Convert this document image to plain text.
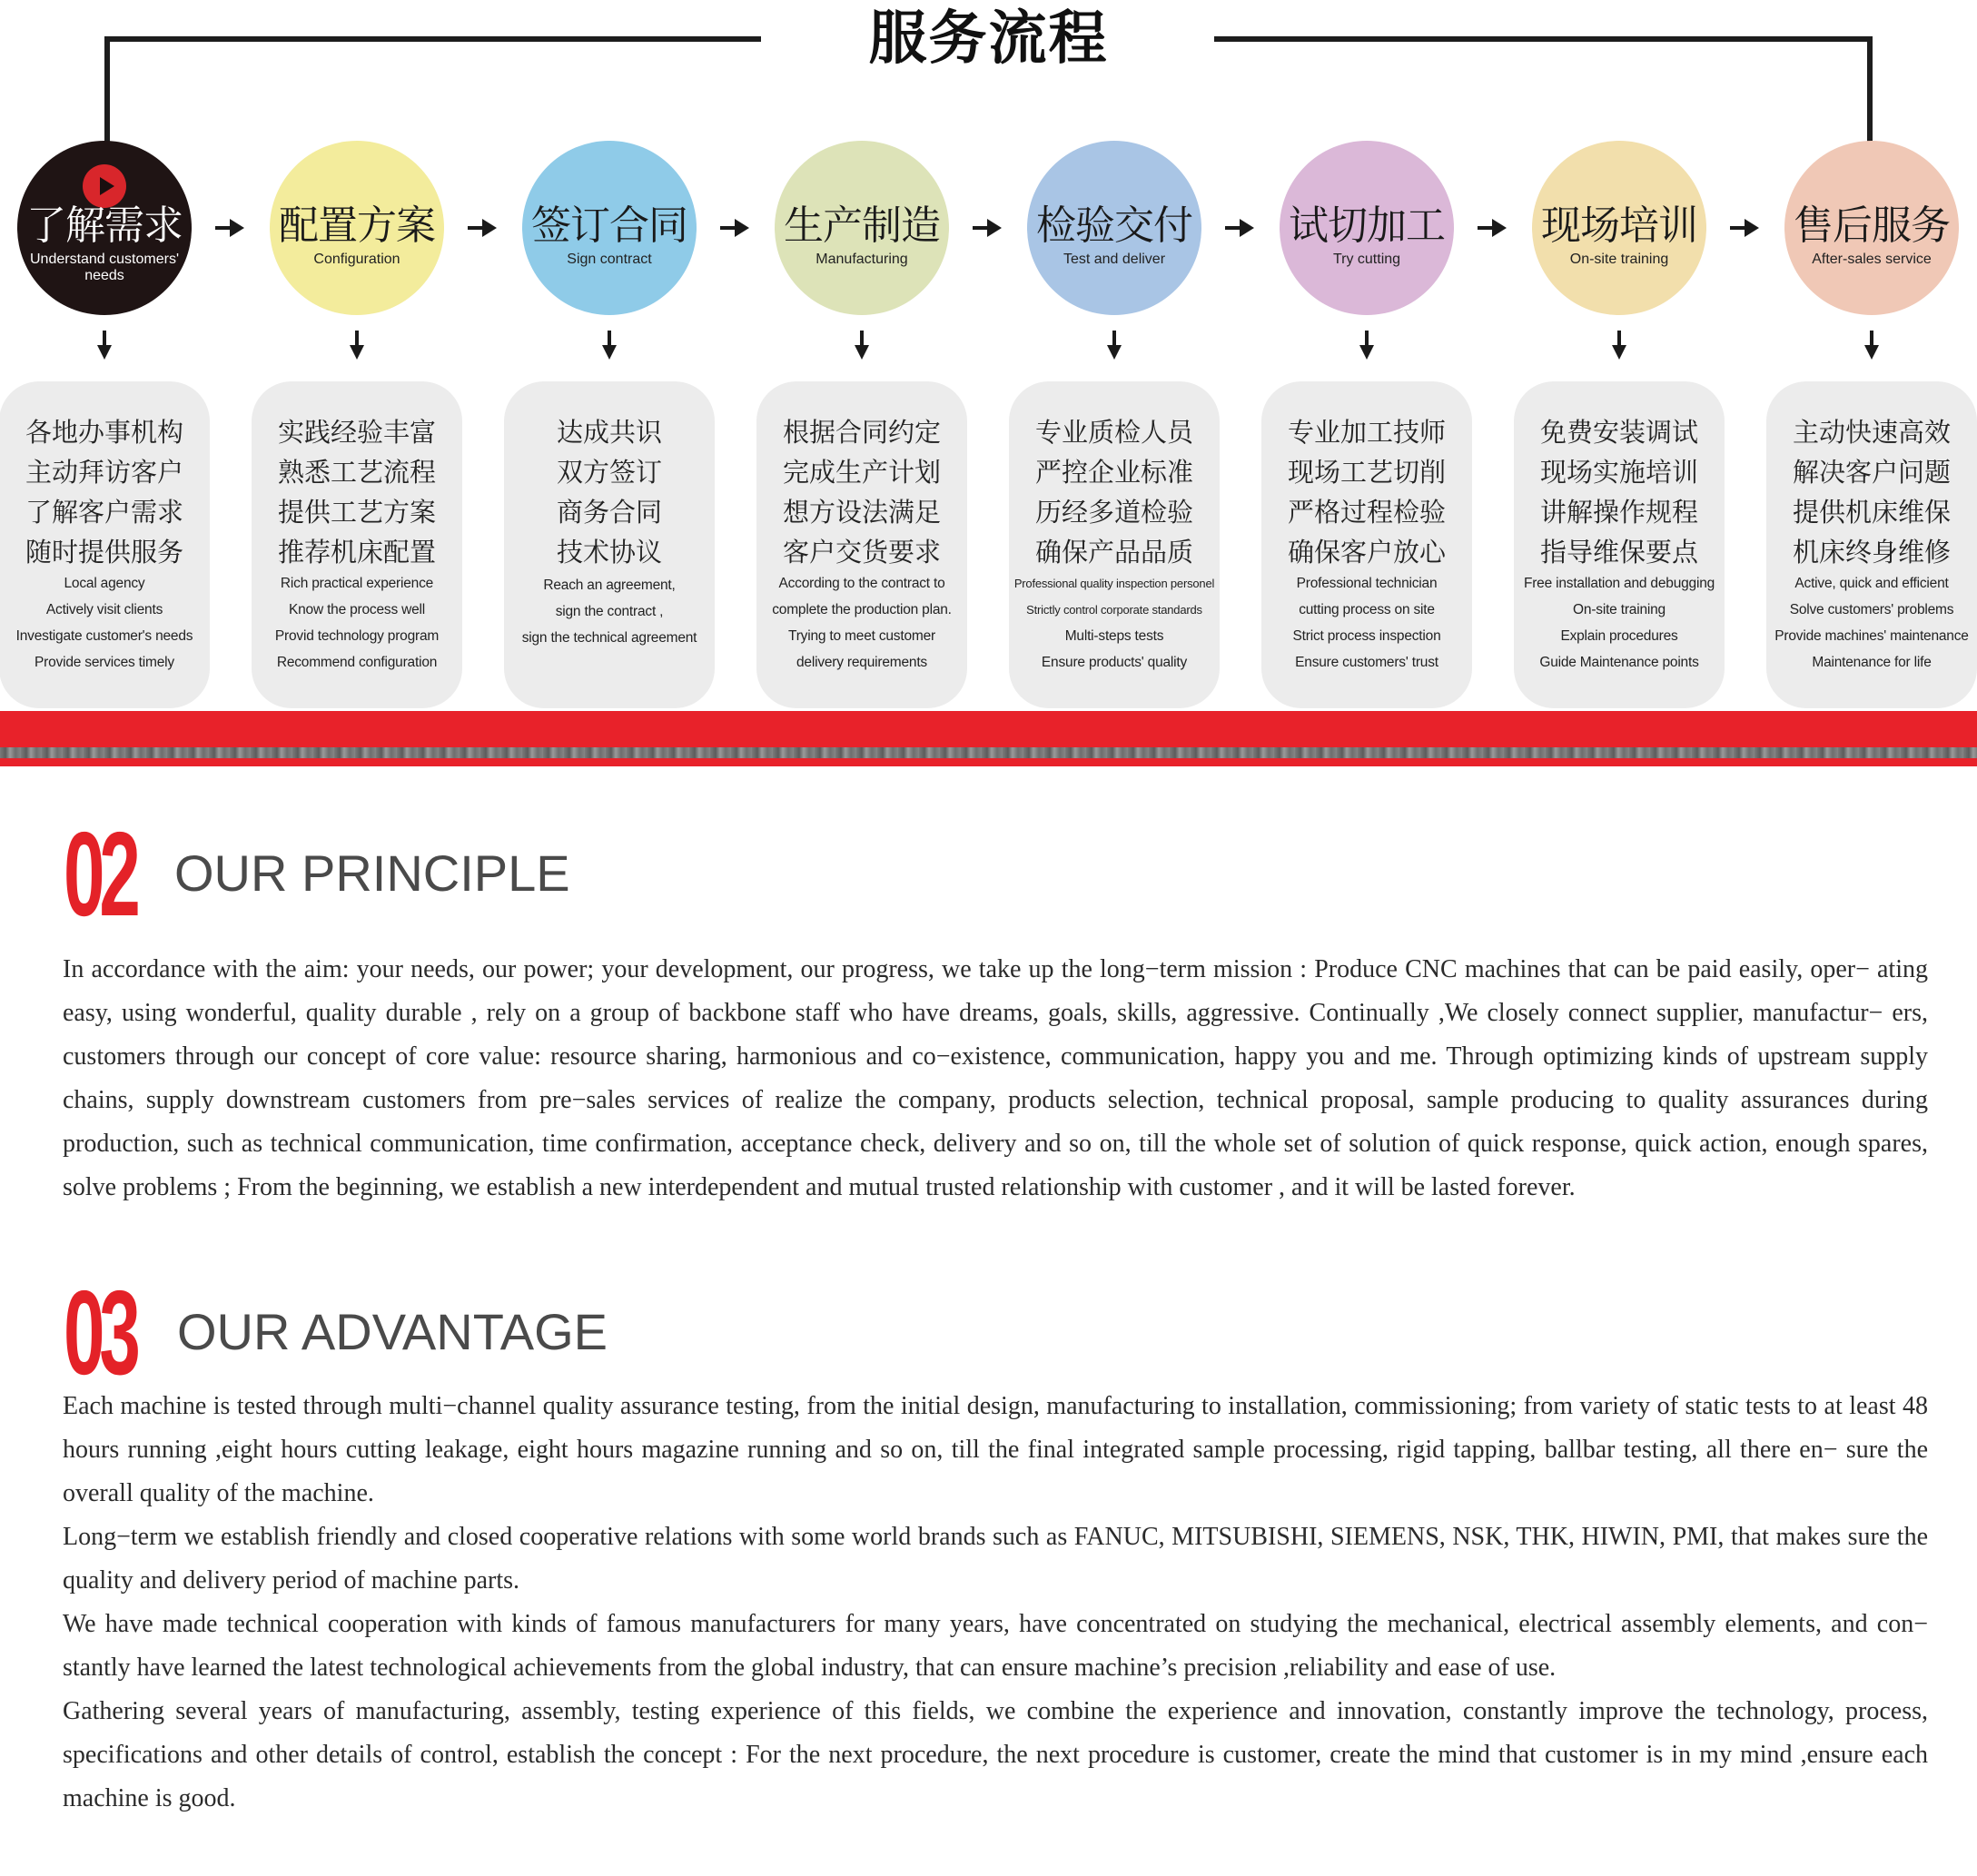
服务流程
了解需求
Understand customers' needs
各地办事机构
主动拜访客户
了解客户需求
随时提供服务
Local agency
Actively visit clients
Investigate customer's needs
Provide services timely
配置方案
Configuration
实践经验丰富
熟悉工艺流程
提供工艺方案
推荐机床配置
Rich practical experience
Know the process well
Provid technology program
Recommend configuration
签订合同
Sign contract
达成共识
双方签订
商务合同
技术协议
Reach an agreement,
sign the contract ,
sign the technical agreement
生产制造
Manufacturing
根据合同约定
完成生产计划
想方设法满足
客户交货要求
According to the contract to
complete the production plan.
Trying to meet customer
delivery requirements
检验交付
Test and deliver
专业质检人员
严控企业标准
历经多道检验
确保产品品质
Professional quality inspection personel
Strictly control corporate standards
Multi-steps tests
Ensure products' quality
试切加工
Try cutting
专业加工技师
现场工艺切削
严格过程检验
确保客户放心
Professional technician
cutting process on site
Strict process inspection
Ensure customers' trust
现场培训
On-site training
免费安装调试
现场实施培训
讲解操作规程
指导维保要点
Free installation and debugging
On-site training
Explain procedures
Guide Maintenance points
售后服务
After-sales service
主动快速高效
解决客户问题
提供机床维保
机床终身维修
Active, quick and efficient
Solve customers' problems
Provide machines' maintenance
Maintenance for life
02 OUR PRINCIPLE
In accordance with the aim: your needs, our power; your development, our progress, we take up the long−term mission : Produce CNC machines that can be paid easily, oper− ating easy, using wonderful, quality durable , rely on a group of backbone staff who have dreams, goals, skills, aggressive. Continually ,We closely connect supplier, manufactur− ers, customers through our concept of core value: resource sharing, harmonious and co−existence, communication, happy you and me. Through optimizing kinds of upstream supply chains, supply downstream customers from pre−sales services of realize the company, products selection, technical proposal, sample producing to quality assurances during production, such as technical communication, time confirmation, acceptance check, delivery and so on, till the whole set of solution of quick response, quick action, enough spares, solve problems ; From the beginning, we establish a new interdependent and mutual trusted relationship with customer , and it will be lasted forever.
03 OUR ADVANTAGE
Each machine is tested through multi−channel quality assurance testing, from the initial design, manufacturing to installation, commissioning; from variety of static tests to at least 48 hours running ,eight hours cutting leakage, eight hours magazine running and so on, till the final integrated sample processing, rigid tapping, ballbar testing, all there en− sure the overall quality of the machine.
Long−term we establish friendly and closed cooperative relations with some world brands such as FANUC, MITSUBISHI, SIEMENS, NSK, THK, HIWIN, PMI, that makes sure the quality and delivery period of machine parts.
We have made technical cooperation with kinds of famous manufacturers for many years, have concentrated on studying the mechanical, electrical assembly elements, and con− stantly have learned the latest technological achievements from the global industry, that can ensure machine’s precision ,reliability and ease of use.
Gathering several years of manufacturing, assembly, testing experience of this fields, we combine the experience and innovation, constantly improve the technology, process, specifications and other details of control, establish the concept : For the next procedure, the next procedure is customer, create the mind that customer is in my mind ,ensure each machine is good.
